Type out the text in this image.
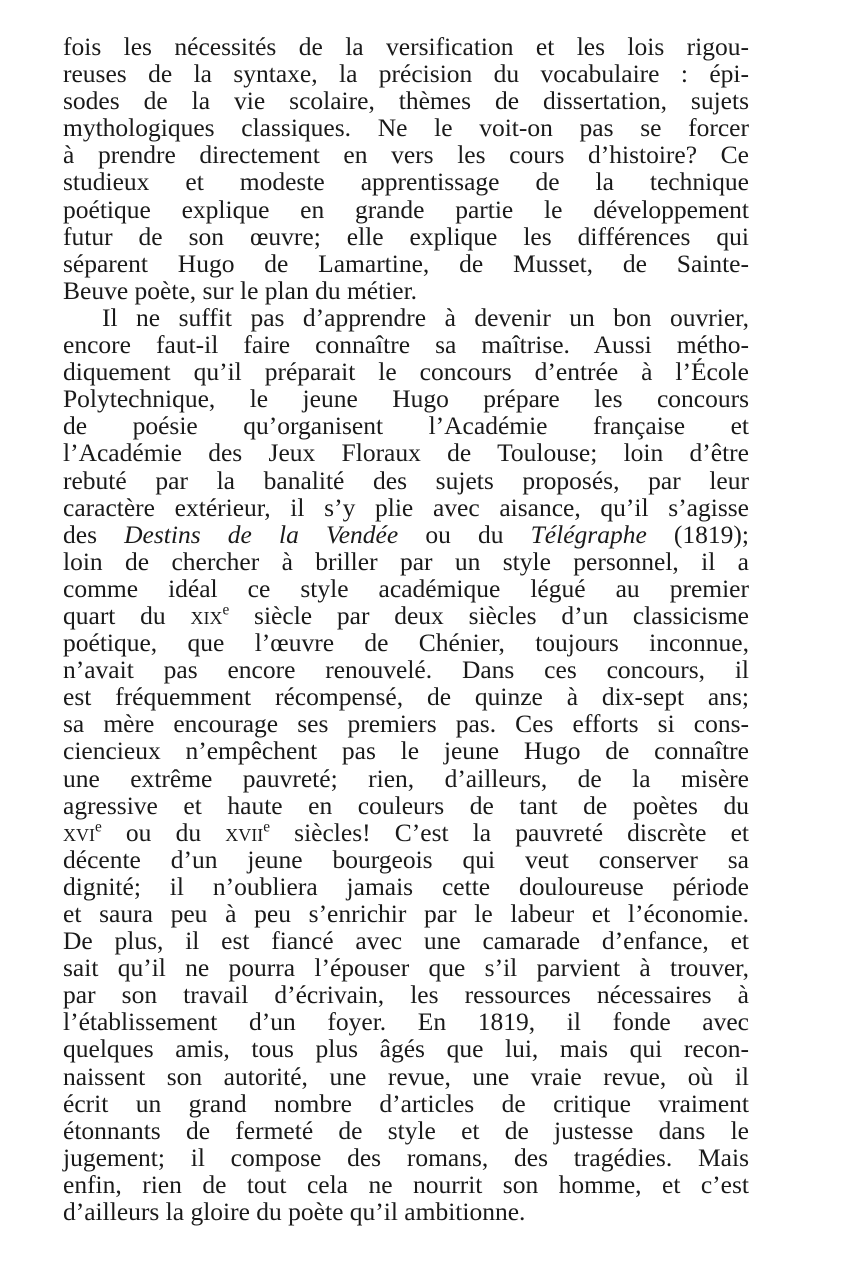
fois les nécessités de la versification et les lois rigou-
reuses de la syntaxe, la précision du vocabulaire : épi-
sodes de la vie scolaire, thèmes de dissertation, sujets
mythologiques classiques. Ne le voit-on pas se forcer
à prendre directement en vers les cours d’histoire? Ce
studieux et modeste apprentissage de la technique
poétique explique en grande partie le développement
futur de son œuvre; elle explique les différences qui
séparent Hugo de Lamartine, de Musset, de Sainte-
Beuve poète, sur le plan du métier.
Il ne suffit pas d’apprendre à devenir un bon ouvrier,
encore faut-il faire connaître sa maîtrise. Aussi métho-
diquement qu’il préparait le concours d’entrée à l’École
Polytechnique, le jeune Hugo prépare les concours
de poésie qu’organisent l’Académie française et
l’Académie des Jeux Floraux de Toulouse; loin d’être
rebuté par la banalité des sujets proposés, par leur
caractère extérieur, il s’y plie avec aisance, qu’il s’agisse
des Destins de la Vendée ou du Télégraphe (1819);
loin de chercher à briller par un style personnel, il a
comme idéal ce style académique légué au premier
quart du xix$^e$ siècle par deux siècles d’un classicisme
poétique, que l’œuvre de Chénier, toujours inconnue,
n’avait pas encore renouvelé. Dans ces concours, il
est fréquemment récompensé, de quinze à dix-sept ans;
sa mère encourage ses premiers pas. Ces efforts si cons-
ciencieux n’empêchent pas le jeune Hugo de connaître
une extrême pauvreté; rien, d’ailleurs, de la misère
agressive et haute en couleurs de tant de poètes du
xvi$^e$ ou du xvii$^e$ siècles! C’est la pauvreté discrète et
décente d’un jeune bourgeois qui veut conserver sa
dignité; il n’oubliera jamais cette douloureuse période
et saura peu à peu s’enrichir par le labeur et l’économie.
De plus, il est fiancé avec une camarade d’enfance, et
sait qu’il ne pourra l’épouser que s’il parvient à trouver,
par son travail d’écrivain, les ressources nécessaires à
l’établissement d’un foyer. En 1819, il fonde avec
quelques amis, tous plus âgés que lui, mais qui recon-
naissent son autorité, une revue, une vraie revue, où il
écrit un grand nombre d’articles de critique vraiment
étonnants de fermeté de style et de justesse dans le
jugement; il compose des romans, des tragédies. Mais
enfin, rien de tout cela ne nourrit son homme, et c’est
d’ailleurs la gloire du poète qu’il ambitionne.
